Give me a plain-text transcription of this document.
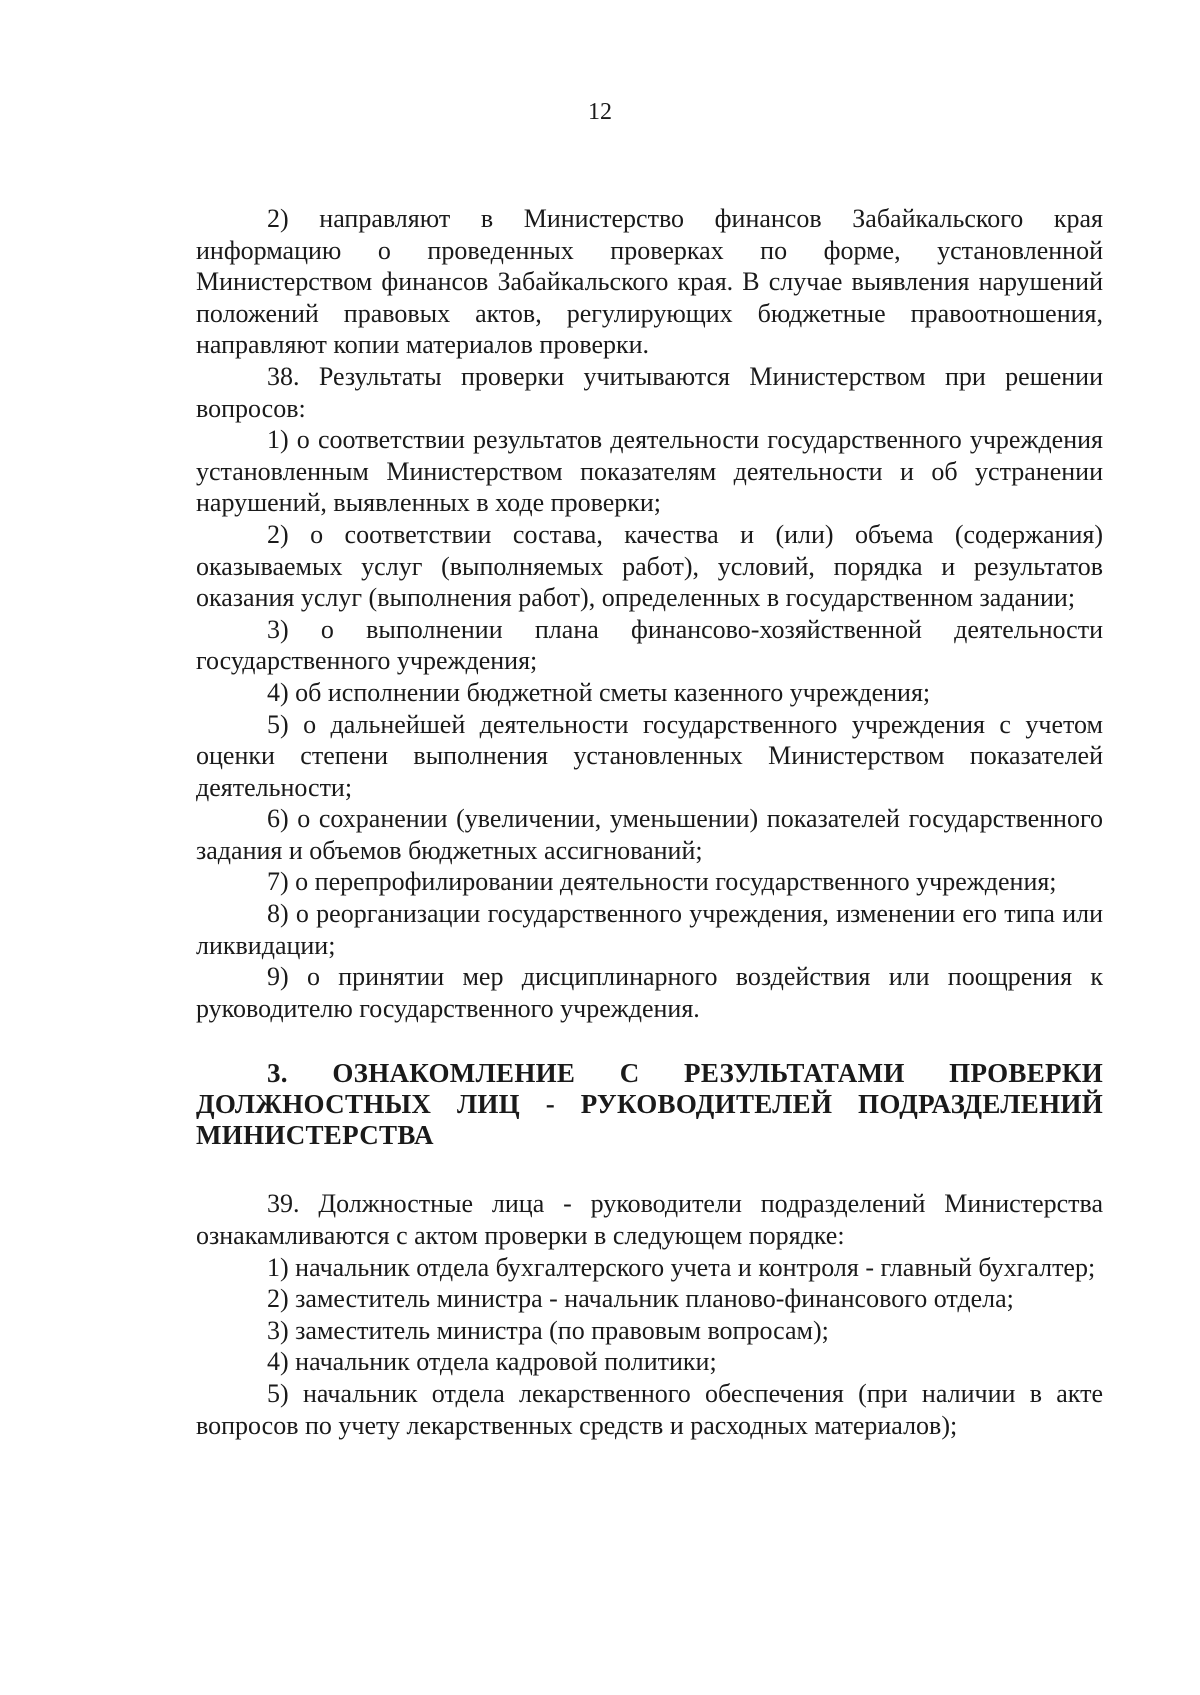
12

2) направляют в Министерство финансов Забайкальского края информацию о проведенных проверках по форме, установленной Министерством финансов Забайкальского края. В случае выявления нарушений положений правовых актов, регулирующих бюджетные правоотношения, направляют копии материалов проверки.

38. Результаты проверки учитываются Министерством при решении вопросов:

1) о соответствии результатов деятельности государственного учреждения установленным Министерством показателям деятельности и об устранении нарушений, выявленных в ходе проверки;

2) о соответствии состава, качества и (или) объема (содержания) оказываемых услуг (выполняемых работ), условий, порядка и результатов оказания услуг (выполнения работ), определенных в государственном задании;

3) о выполнении плана финансово-хозяйственной деятельности государственного учреждения;

4) об исполнении бюджетной сметы казенного учреждения;

5) о дальнейшей деятельности государственного учреждения с учетом оценки степени выполнения установленных Министерством показателей деятельности;

6) о сохранении (увеличении, уменьшении) показателей государственного задания и объемов бюджетных ассигнований;

7) о перепрофилировании деятельности государственного учреждения;

8) о реорганизации государственного учреждения, изменении его типа или ликвидации;

9) о принятии мер дисциплинарного воздействия или поощрения к руководителю государственного учреждения.

3. ОЗНАКОМЛЕНИЕ С РЕЗУЛЬТАТАМИ ПРОВЕРКИ ДОЛЖНОСТНЫХ ЛИЦ - РУКОВОДИТЕЛЕЙ ПОДРАЗДЕЛЕНИЙ МИНИСТЕРСТВА

39. Должностные лица - руководители подразделений Министерства ознакамливаются с актом проверки в следующем порядке:

1) начальник отдела бухгалтерского учета и контроля - главный бухгалтер;

2) заместитель министра - начальник планово-финансового отдела;

3) заместитель министра (по правовым вопросам);

4) начальник отдела кадровой политики;

5) начальник отдела лекарственного обеспечения (при наличии в акте вопросов по учету лекарственных средств и расходных материалов);
